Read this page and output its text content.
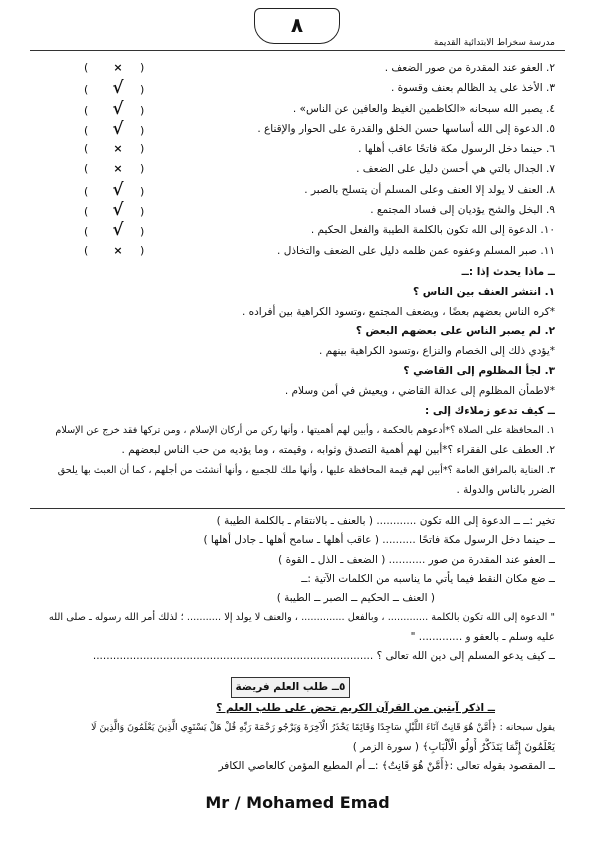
٨
مدرسة سخراط الابتدائية القديمة
٢. العفو عند المقدرة من صور الضعف .
( × )
٣. الأخذ على يد الظالم بعنف وقسوة .
( √ )
٤. يصبر الله سبحانه «الكاظمين الغيظ والعافين عن الناس» .
( √ )
٥. الدعوة إلى الله أساسها حسن الخلق والقدرة على الحوار والإقناع .
( √ )
٦. حينما دخل الرسول مكة فاتحًا عاقب أهلها .
( × )
٧. الجدال بالتي هي أحسن دليل على الضعف .
( × )
٨. العنف لا يولد إلا العنف وعلى المسلم أن يتسلح بالصبر .
( √ )
٩. البخل والشح يؤديان إلى فساد المجتمع .
( √ )
١٠. الدعوة إلى الله تكون بالكلمة الطيبة والفعل الحكيم .
( √ )
١١. صبر المسلم وعفوه عمن ظلمه دليل على الضعف والتخاذل .
( × )
ــ ماذا يحدث إذا :ــ
١. انتشر العنف بين الناس ؟
*كره الناس بعضهم بعضًا ، ويضعف المجتمع ،وتسود الكراهية بين أفراده .
٢. لم يصبر الناس على بعضهم البعض ؟
*يؤدي ذلك إلى الخصام والنزاع ،وتسود الكراهية بينهم .
٣. لجأ المظلوم إلى القاضي ؟
*لاطمأن المظلوم إلى عدالة القاضي ، ويعيش في أمن وسلام .
ــ كيف تدعو زملاءك إلى :
١. المحافظة على الصلاة ؟*أدعوهم بالحكمة ، وأبين لهم أهميتها ، وأنها ركن من أركان الإسلام ، ومن تركها فقد خرج عن الإسلام
٢. العطف على الفقراء ؟*أبين لهم أهمية التصدق وثوابه ، وقيمته ، وما يؤديه من حب الناس لبعضهم .
٣. العناية بالمرافق العامة ؟*أبين لهم قيمة المحافظة عليها ، وأنها ملك للجميع ، وأنها أنشئت من أجلهم ، كما أن العبث بها يلحق
الضرر بالناس والدولة .
تخير :ــ ــ الدعوة إلى الله تكون ............ ( بالعنف ـ بالانتقام ـ بالكلمة الطيبة )
ــ حينما دخل الرسول مكة فاتحًا .......... ( عاقب أهلها ـ سامح أهلها ـ جادل أهلها )
ــ العفو عند المقدرة من صور ........... ( الضعف ـ الذل ـ القوة )
ــ ضع مكان النقط فيما يأتي ما يناسبه من الكلمات الآتية :ــ
( العنف ــ الحكيم ــ الصبر ــ الطيبة )
" الدعوة إلى الله تكون بالكلمة ............. ، وبالفعل .............. ، والعنف لا يولد إلا ........... ؛ لذلك أمر الله رسوله ـ صلى الله
عليه وسلم ـ بالعفو و ............. "
ــ كيف يدعو المسلم إلى دين الله تعالى ؟ ....................................................................................
٥ــ طلب العلم فريضة
ــ اذكر آيتين من القرآن الكريم تحض على طلب العلم ؟
يقول سبحانه : ﴿أَمَّنْ هُوَ قَانِتٌ آنَاءَ اللَّيْلِ سَاجِدًا وَقَائِمًا يَحْذَرُ الْآخِرَةَ وَيَرْجُو رَحْمَةَ رَبِّهِ قُلْ هَلْ يَسْتَوِي الَّذِينَ يَعْلَمُونَ وَالَّذِينَ لَا
يَعْلَمُونَ إِنَّمَا يَتَذَكَّرُ أُولُو الْأَلْبَابِ﴾ ( سورة الزمر )
ــ المقصود بقوله تعالى :﴿أَمَّنْ هُوَ قَانِتٌ﴾ :ــ أم المطيع المؤمن كالعاصي الكافر
Mr / Mohamed Emad
